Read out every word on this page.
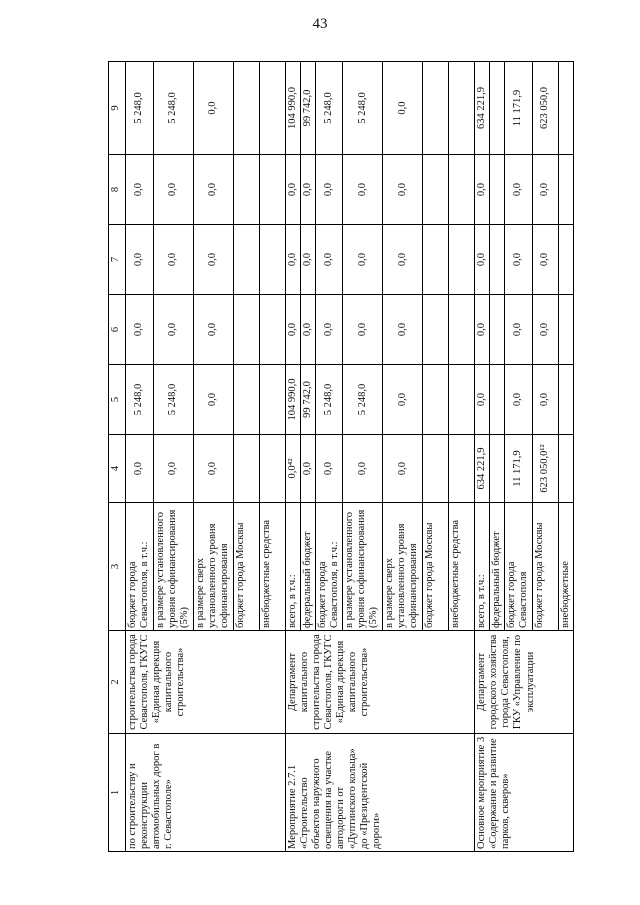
43
1	2	3	4	5	6	7	8	9
по строительству и реконструкции автомобильных дорог в г. Севастополе»	строительства города Севастополя, ГКУГС «Единая дирекция капитального строительства»	бюджет города Севастополя, в т.ч.:	0,0	5 248,0	0,0	0,0	0,0	5 248,0
		в размере установленного уровня софинансирования (5%)	0,0	5 248,0	0,0	0,0	0,0	5 248,0
		в размере сверх установленного уровня софинансирования	0,0	0,0	0,0	0,0	0,0	0,0
		бюджет города Москвы						
		внебюджетные средства						
Мероприятие 2.7.1 «Строительство объектов наружного освещения на участке автодороги от «Дуптинского кольца» до «Президентской дороги»	Департамент капитального строительства города Севастополя, ГКУГС «Единая дирекция капитального строительства»	всего, в т.ч.:	0,0⁴²	104 990,0	0,0	0,0	0,0	104 990,0
		федеральный бюджет	0,0	99 742,0	0,0	0,0	0,0	99 742,0
		бюджет города Севастополя, в т.ч.:	0,0	5 248,0	0,0	0,0	0,0	5 248,0
		в размере установленного уровня софинансирования (5%)	0,0	5 248,0	0,0	0,0	0,0	5 248,0
		в размере сверх установленного уровня софинансирования	0,0	0,0	0,0	0,0	0,0	0,0
		бюджет города Москвы						
		внебюджетные средства						
Основное мероприятие 3 «Содержание и развитие парков, скверов»	Департамент городского хозяйства города Севастополя, ГКУ «Управление по эксплуатации	всего, в т.ч.:	634 221,9	0,0	0,0	0,0	0,0	634 221,9
		федеральный бюджет						
		бюджет города Севастополя	11 171,9	0,0	0,0	0,0	0,0	11 171,9
		бюджет города Москвы	623 050,0¹²	0,0	0,0	0,0	0,0	623 050,0
		внебюджетные						
